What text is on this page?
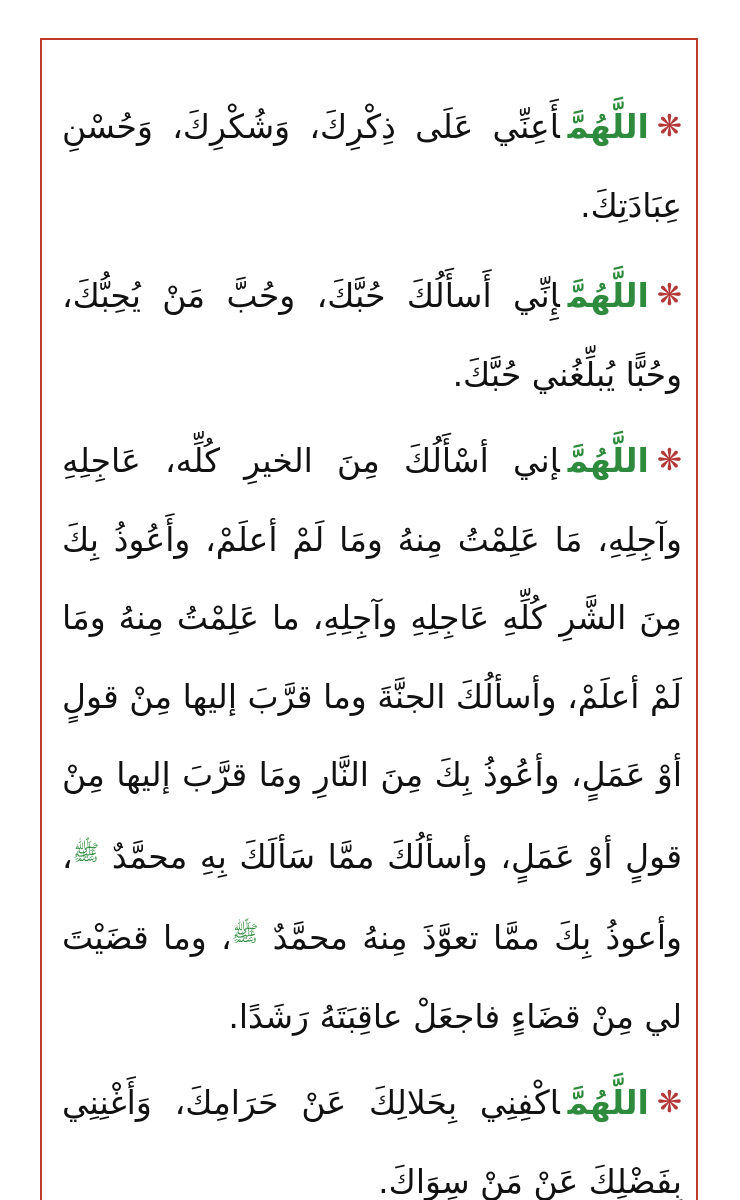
❋اللَّهُمَّأَعِنِّي عَلَى ذِكْرِكَ، وَشُكْرِكَ، وَحُسْنِ عِبَادَتِكَ.

❋اللَّهُمَّإِنِّي أَسأَلُكَ حُبَّكَ، وحُبَّ مَنْ يُحِبُّكَ، وحُبًّا يُبلِّغُني حُبَّكَ.

❋اللَّهُمَّإني أسْأَلُكَ مِنَ الخيرِ كُلِّه، عَاجِلِهِ وآجِلِهِ، مَا عَلِمْتُ مِنهُ ومَا لَمْ أعلَمْ، وأَعُوذُ بِكَ مِنَ الشَّرِ كُلِّهِ عَاجِلِهِ وآجِلِهِ، ما عَلِمْتُ مِنهُ ومَا لَمْ أعلَمْ، وأسألُكَ الجنَّةَ وما قرَّبَ إليها مِنْ قولٍ أوْ عَمَلٍ، وأعُوذُ بِكَ مِنَ النَّارِ ومَا قرَّبَ إليها مِنْ قولٍ أوْ عَمَلٍ، وأسألُكَ ممَّا سَألَكَ بِهِ محمَّدٌ $^ﷺ$، وأعوذُ بِكَ ممَّا تعوَّذَ مِنهُ محمَّدٌ $^ﷺ$، وما قضَيْتَ لي مِنْ قضَاءٍ فاجعَلْ عاقِبَتَهُ رَشَدًا.

❋اللَّهُمَّاكْفِنِي بِحَلالِكَ عَنْ حَرَامِكَ، وَأَغْنِنِي بِفَضْلِكَ عَنْ مَنْ سِوَاكَ.
